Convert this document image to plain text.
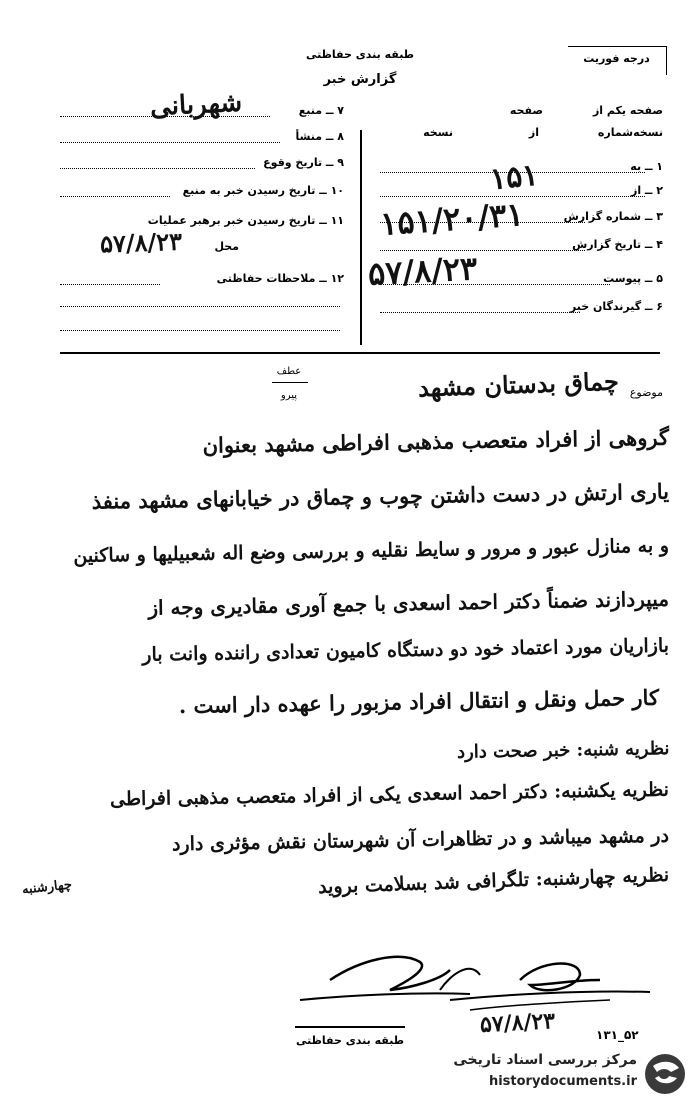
طبقه بندی حفاظتی
گزارش خبر
درجه فوریت
صفحه یکم از
صفحه
نسخه‌شماره
از
نسخه
۱ ــ به
۲ ــ از
۳ ــ شماره گزارش
۴ ــ تاریخ گزارش
۵ ــ پیوست
۶ ــ گیرندگان خبر
۷ ــ منبع
۸ ــ منشأ
۹ ــ تاریخ وقوع
۱۰ ــ تاریخ رسیدن خبر به منبع
۱۱ ــ تاریخ رسیدن خبر برهبر عملیات
محل
۱۲ ــ ملاحظات حفاظتی
شهربانی
۱۵۱
۱۵۱/۲۰/۳۱
۵۷/۸/۲۳
۵۷/۸/۲۳
عطف
پیرو	موضوع
چماق بدستان مشهد
گروهی از افراد متعصب مذهبی افراطی مشهد بعنوان
یاری ارتش در دست داشتن چوب و چماق در خیابانهای مشهد منفذ
و به منازل عبور و مرور و سایط نقلیه و بررسی وضع اله شعبیلیها و ساکنین
میپردازند ضمناً دکتر احمد اسعدی با جمع آوری مقادیری وجه از
بازاریان مورد اعتماد خود دو دستگاه کامیون تعدادی راننده وانت بار
کار حمل ونقل و انتقال افراد مزبور را عهده دار است .
نظریه شنبه: خبر صحت دارد
نظریه یکشنبه: دکتر احمد اسعدی یکی از افراد متعصب مذهبی افراطی
در مشهد میباشد و در تظاهرات آن شهرستان نقش مؤثری دارد
نظریه چهارشنبه: تلگرافی شد بسلامت بروید
چهارشنبه
۵۷/۸/۲۳
طبقه بندی حفاظتی	۵۲_۱۳۱
مرکز بررسی اسناد تاریخی
historydocuments.ir
